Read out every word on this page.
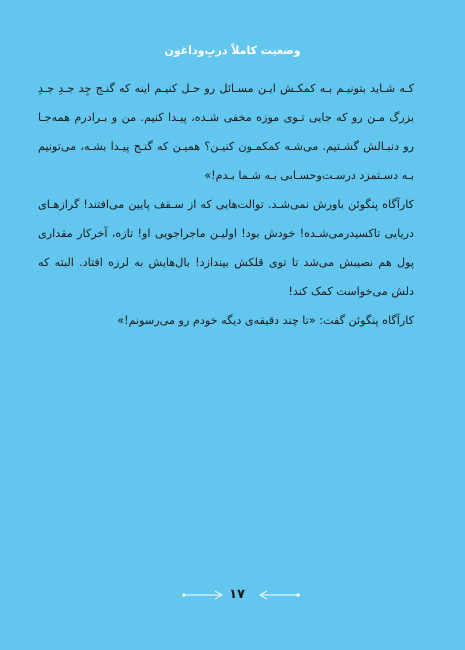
وضعیت کاملاً دربِ‌وداغون

کـه شـاید بتونیـم بـه کمکـش ایـن مسـائل رو حـل کنیـم اینه که گنـج جِد جـدِ جـدِ بزرگ مـن رو که جایی تـوی موزه مخفی شـده، پیـدا کنیم. من و بـرادرم همه‌جـا رو دنبـالش گشـتیم. می‌شـه کمکمـون کنیـن؟ همیـن که گنـج پیـدا بشـه، می‌تونیم بـه دسـتمزد درسـت‌وحسـابی بـه شـما بـدم!»

کارآگاه پنگوئن باورش نمی‌شـد. توالت‌هایی که از سـقف پایین می‌افتند! گرازهـای دریایی تاکسیدرمی‌شـده! خودش بود! اولیـن ماجراجویی او! تازه، آخرکار مقداری پول هم نصیبش می‌شد تا توی قلکش بیندازد! بال‌هایش به لرزه افتاد. البته که دلش می‌خواست کمک کند!

کارآگاه پنگوئن گفت: «تا چند دقیقه‌ی دیگه خودم رو می‌رسونم!»

۱۷
